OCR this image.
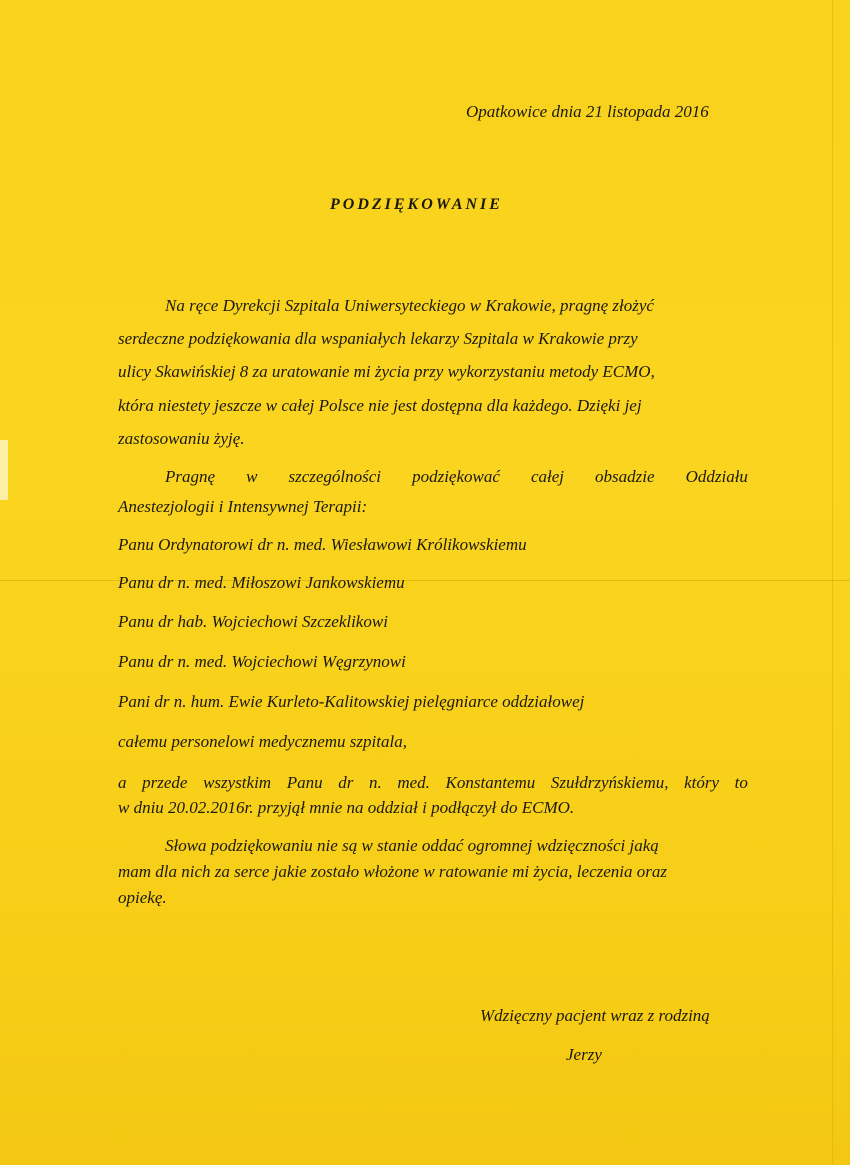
Opatkowice dnia 21 listopada 2016
PODZIĘKOWANIE
Na ręce Dyrekcji Szpitala Uniwersyteckiego w Krakowie, pragnę złożyć
serdeczne podziękowania dla wspaniałych lekarzy Szpitala w Krakowie przy
ulicy Skawińskiej 8 za uratowanie mi życia przy wykorzystaniu metody ECMO,
która niestety jeszcze w całej Polsce nie jest dostępna dla każdego. Dzięki jej
zastosowaniu żyję.
Pragnę w szczególności podziękować całej obsadzie Oddziału
Anestezjologii i Intensywnej Terapii:
Panu Ordynatorowi dr n. med. Wiesławowi Królikowskiemu
Panu dr n. med. Miłoszowi Jankowskiemu
Panu dr hab. Wojciechowi Szczeklikowi
Panu dr n. med. Wojciechowi Węgrzynowi
Pani dr n. hum. Ewie Kurleto-Kalitowskiej pielęgniarce oddziałowej
całemu personelowi medycznemu szpitala,
a przede wszystkim Panu dr n. med. Konstantemu Szułdrzyńskiemu, który to
w dniu 20.02.2016r. przyjął mnie na oddział i podłączył do ECMO.
Słowa podziękowaniu nie są w stanie oddać ogromnej wdzięczności jaką
mam dla nich za serce jakie zostało włożone w ratowanie mi życia, leczenia oraz
opiekę.
Wdzięczny pacjent wraz z rodziną
Jerzy
